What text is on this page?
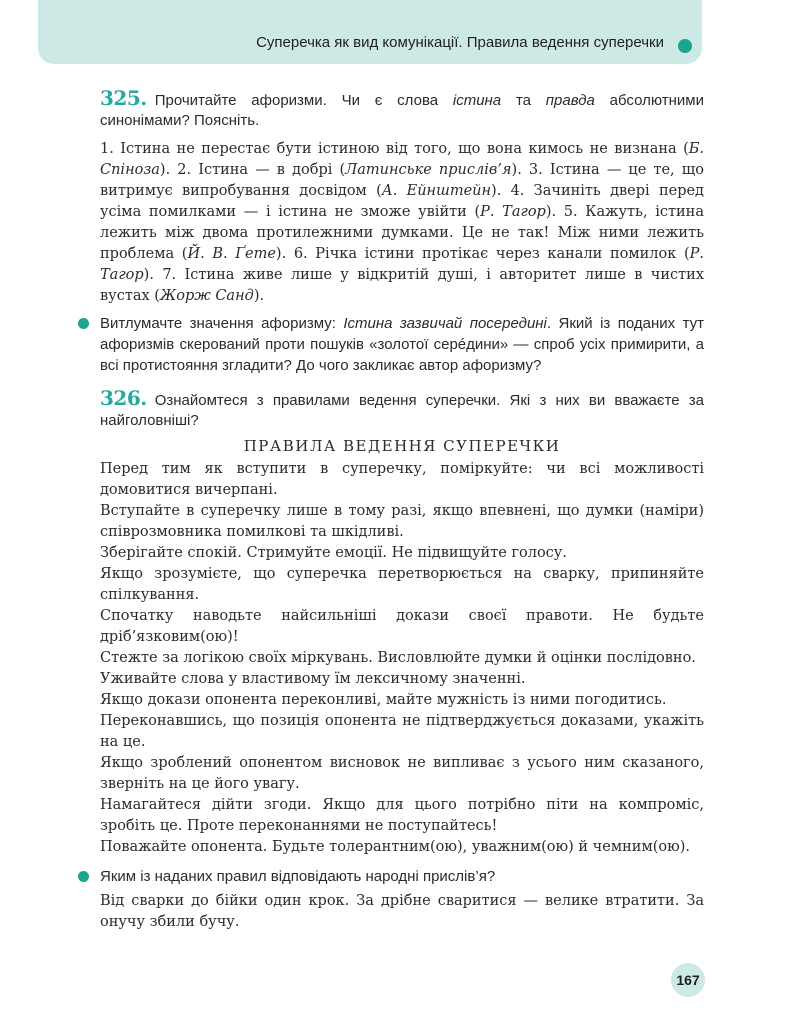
Суперечка як вид комунікації. Правила ведення суперечки
325. Прочитайте афоризми. Чи є слова істина та правда абсолютними синонімами? Поясніть.

1. Істина не перестає бути істиною від того, що вона кимось не визнана (Б. Спіноза). 2. Істина — в добрі (Латинське прислів’я). 3. Істина — це те, що витримує випробування досвідом (А. Ейнштейн). 4. Зачиніть двері перед усіма помилками — і істина не зможе увійти (Р. Тагор). 5. Кажуть, істина лежить між двома протилежними думками. Це не так! Між ними лежить проблема (Й. В. Ґете). 6. Річка істини протікає через канали помилок (Р. Тагор). 7. Істина живе лише у відкритій душі, і авторитет лише в чистих вустах (Жорж Санд).

Витлумачте значення афоризму: Істина зазвичай посередині. Який із поданих тут афоризмів скерований проти пошуків «золотої серéдини» — спроб усіх примирити, а всі протистояння згладити? До чого закликає автор афоризму?
326. Ознайомтеся з правилами ведення суперечки. Які з них ви вважаєте за найголовніші?
ПРАВИЛА ВЕДЕННЯ СУПЕРЕЧКИ

Перед тим як вступити в суперечку, поміркуйте: чи всі можливості домовитися вичерпані.

Вступайте в суперечку лише в тому разі, якщо впевнені, що думки (наміри) співрозмовника помилкові та шкідливі.

Зберігайте спокій. Стримуйте емоції. Не підвищуйте голосу.

Якщо зрозумієте, що суперечка перетворюється на сварку, припиняйте спілкування.

Спочатку наводьте найсильніші докази своєї правоти. Не будьте дріб’язковим(ою)!

Стежте за логікою своїх міркувань. Висловлюйте думки й оцінки послідовно.

Уживайте слова у властивому їм лексичному значенні.

Якщо докази опонента переконливі, майте мужність із ними погодитись.

Переконавшись, що позиція опонента не підтверджується доказами, укажіть на це.

Якщо зроблений опонентом висновок не випливає з усього ним сказаного, зверніть на це його увагу.

Намагайтеся дійти згоди. Якщо для цього потрібно піти на компроміс, зробіть це. Проте переконаннями не поступайтесь!

Поважайте опонента. Будьте толерантним(ою), уважним(ою) й чемним(ою).

Яким із наданих правил відповідають народні прислів’я?

Від сварки до бійки один крок. За дрібне сваритися — велике втратити. За онучу збили бучу.

167
